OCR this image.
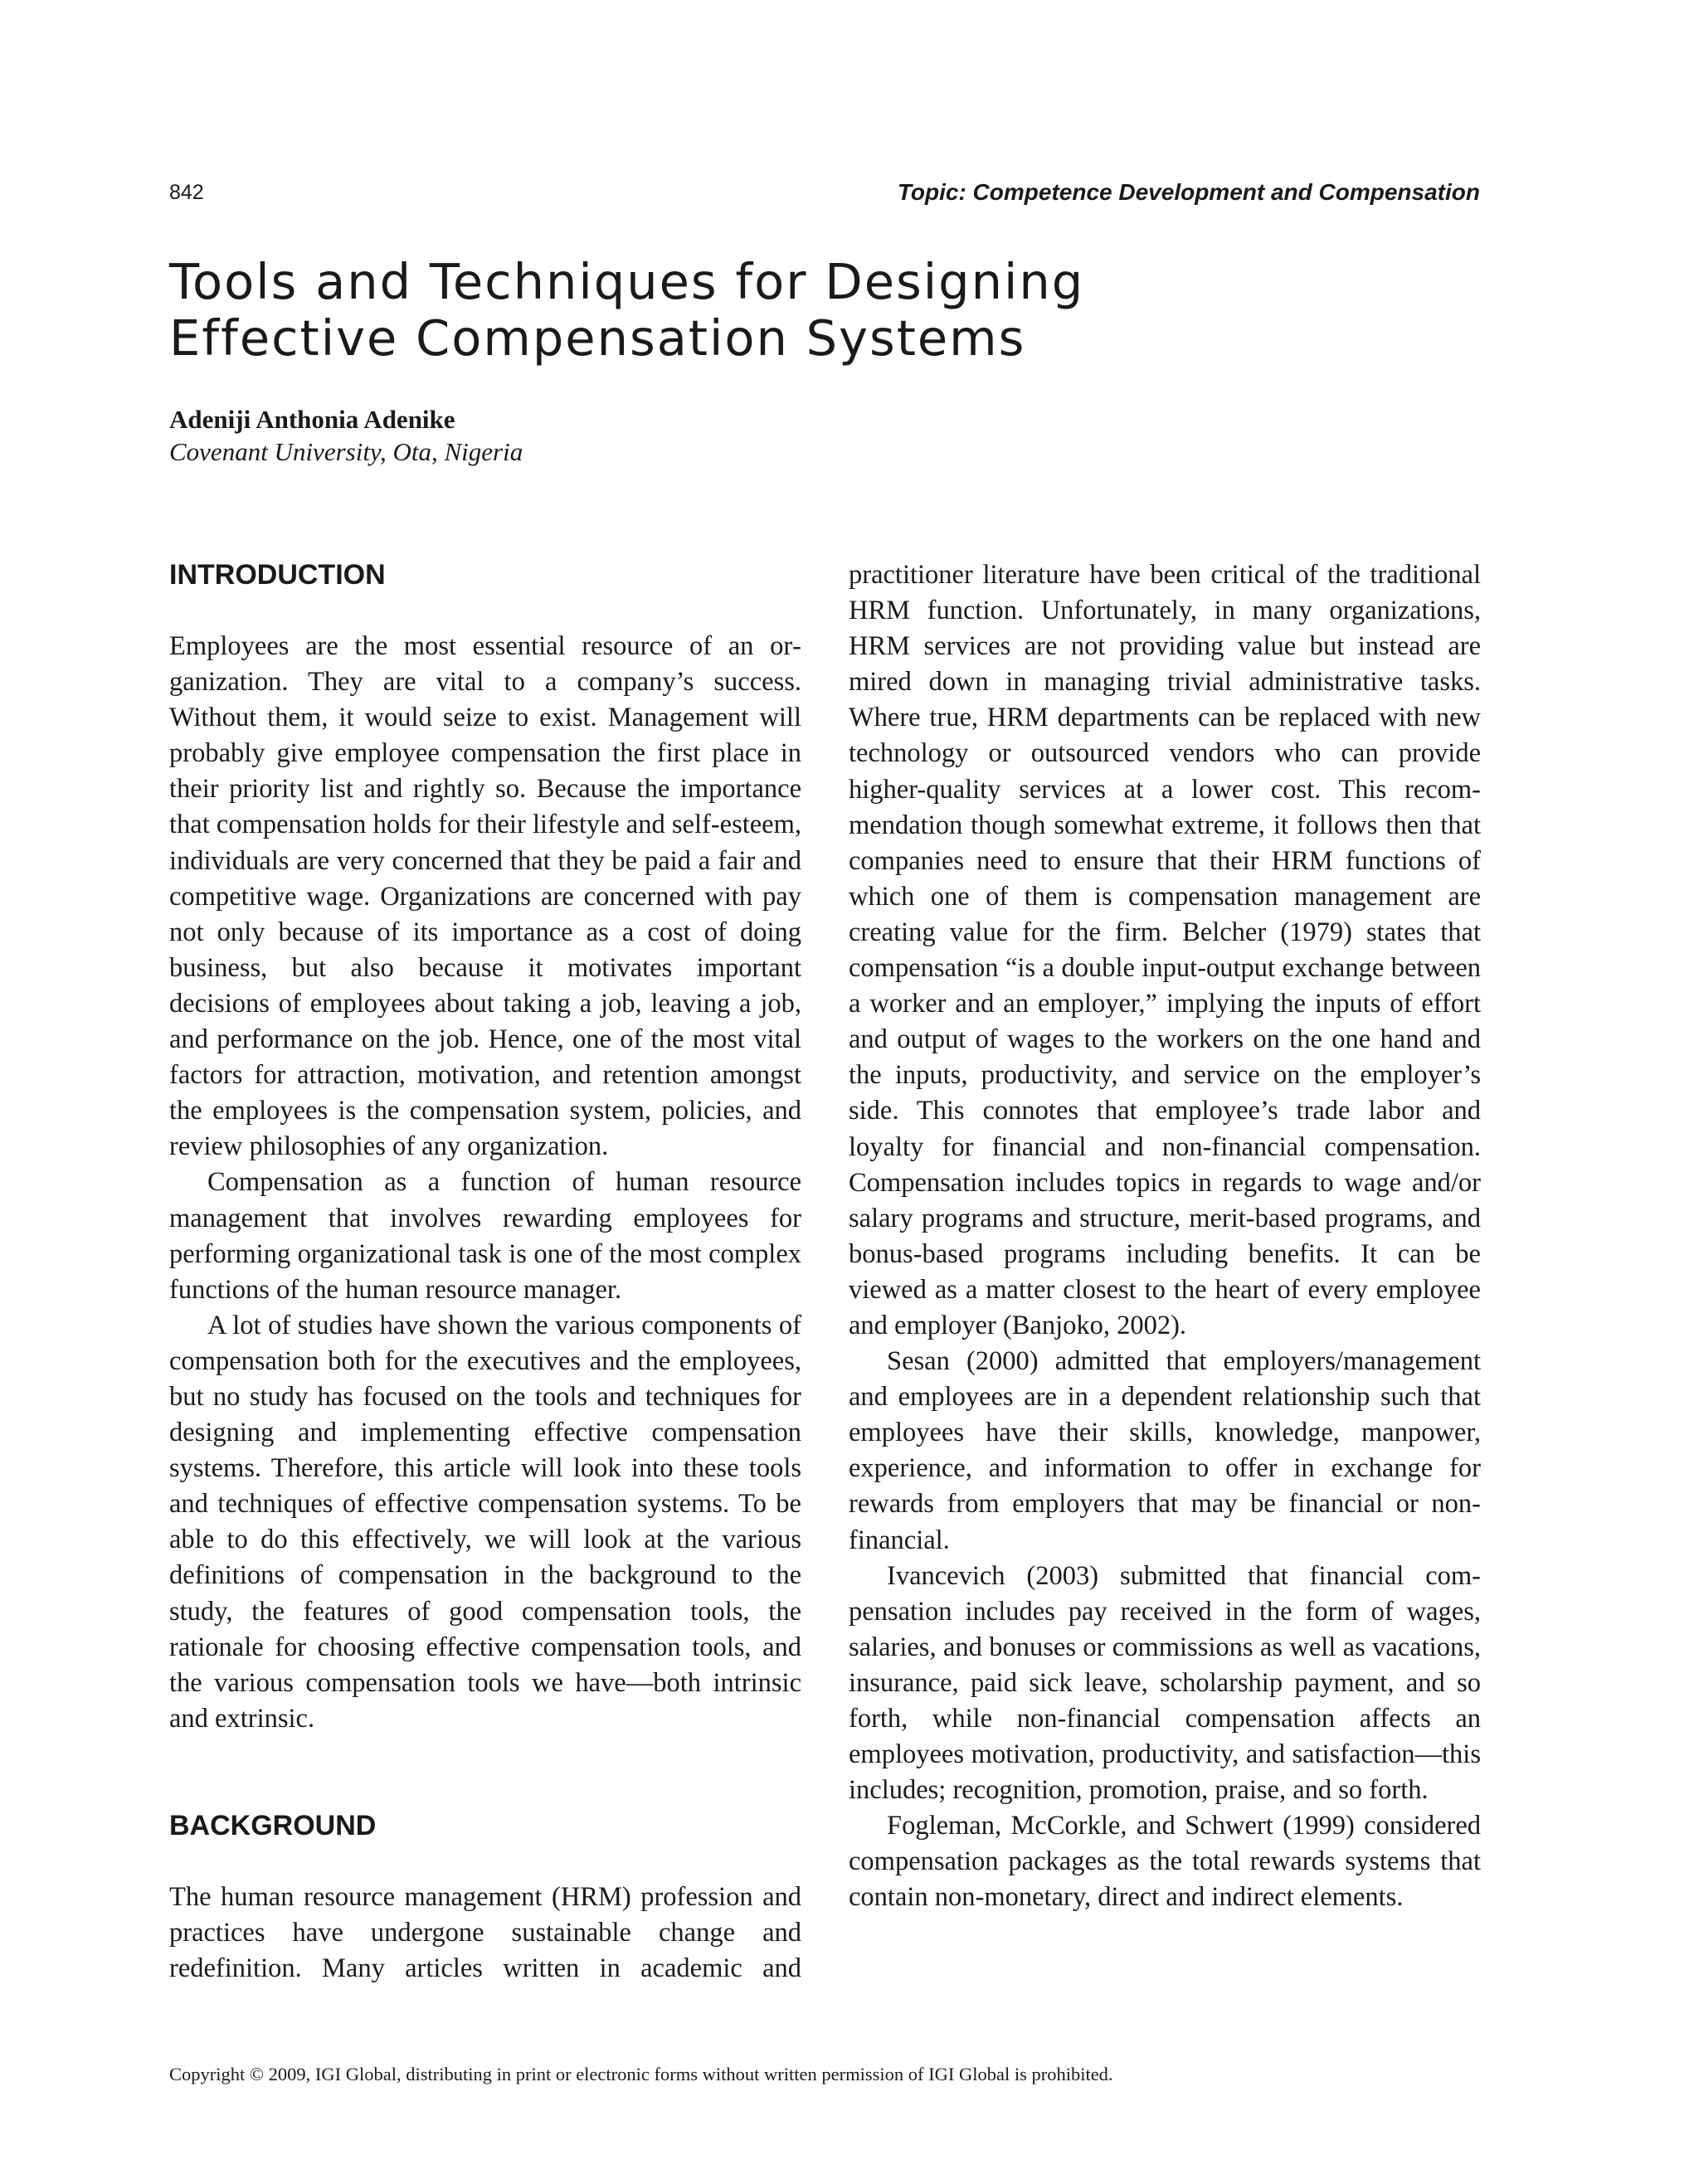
842	Topic: Competence Development and Compensation
Tools and Techniques for Designing
Effective Compensation Systems
Adeniji Anthonia Adenike
Covenant University, Ota, Nigeria
INTRODUCTION

Employees are the most essential resource of an organization. They are vital to a company’s success. Without them, it would seize to exist. Management will probably give employee compensation the first place in their priority list and rightly so. Because the importance that compensation holds for their lifestyle and self-esteem, individuals are very concerned that they be paid a fair and competitive wage. Organizations are concerned with pay not only because of its importance as a cost of doing business, but also because it motivates important decisions of employees about taking a job, leaving a job, and performance on the job. Hence, one of the most vital factors for attraction, motivation, and retention amongst the employees is the compensation system, policies, and review philosophies of any organization.

Compensation as a function of human resource management that involves rewarding employees for performing organizational task is one of the most complex functions of the human resource manager.

A lot of studies have shown the various components of compensation both for the executives and the employees, but no study has focused on the tools and techniques for designing and implementing effective compensation systems. Therefore, this article will look into these tools and techniques of effective compensation systems. To be able to do this effectively, we will look at the various definitions of compensation in the background to the study, the features of good compensation tools, the rationale for choosing effective compensation tools, and the various compensation tools we have—both intrinsic and extrinsic.

BACKGROUND

The human resource management (HRM) profession and practices have undergone sustainable change and redefinition. Many articles written in academic and

practitioner literature have been critical of the traditional HRM function. Unfortunately, in many organizations, HRM services are not providing value but instead are mired down in managing trivial administrative tasks. Where true, HRM departments can be replaced with new technology or outsourced vendors who can provide higher-quality services at a lower cost. This recommendation though somewhat extreme, it follows then that companies need to ensure that their HRM functions of which one of them is compensation management are creating value for the firm. Belcher (1979) states that compensation “is a double input-output exchange between a worker and an employer,” implying the inputs of effort and output of wages to the workers on the one hand and the inputs, productivity, and service on the employer’s side. This connotes that employee’s trade labor and loyalty for financial and non-financial compensation. Compensation includes topics in regards to wage and/or salary programs and structure, merit-based programs, and bonus-based programs including benefits. It can be viewed as a matter closest to the heart of every employee and employer (Banjoko, 2002).

Sesan (2000) admitted that employers/management and employees are in a dependent relationship such that employees have their skills, knowledge, manpower, experience, and information to offer in exchange for rewards from employers that may be financial or non-financial.

Ivancevich (2003) submitted that financial compensation includes pay received in the form of wages, salaries, and bonuses or commissions as well as vacations, insurance, paid sick leave, scholarship payment, and so forth, while non-financial compensation affects an employees motivation, productivity, and satisfaction—this includes; recognition, promotion, praise, and so forth.

Fogleman, McCorkle, and Schwert (1999) considered compensation packages as the total rewards systems that contain non-monetary, direct and indirect elements.

Copyright © 2009, IGI Global, distributing in print or electronic forms without written permission of IGI Global is prohibited.
